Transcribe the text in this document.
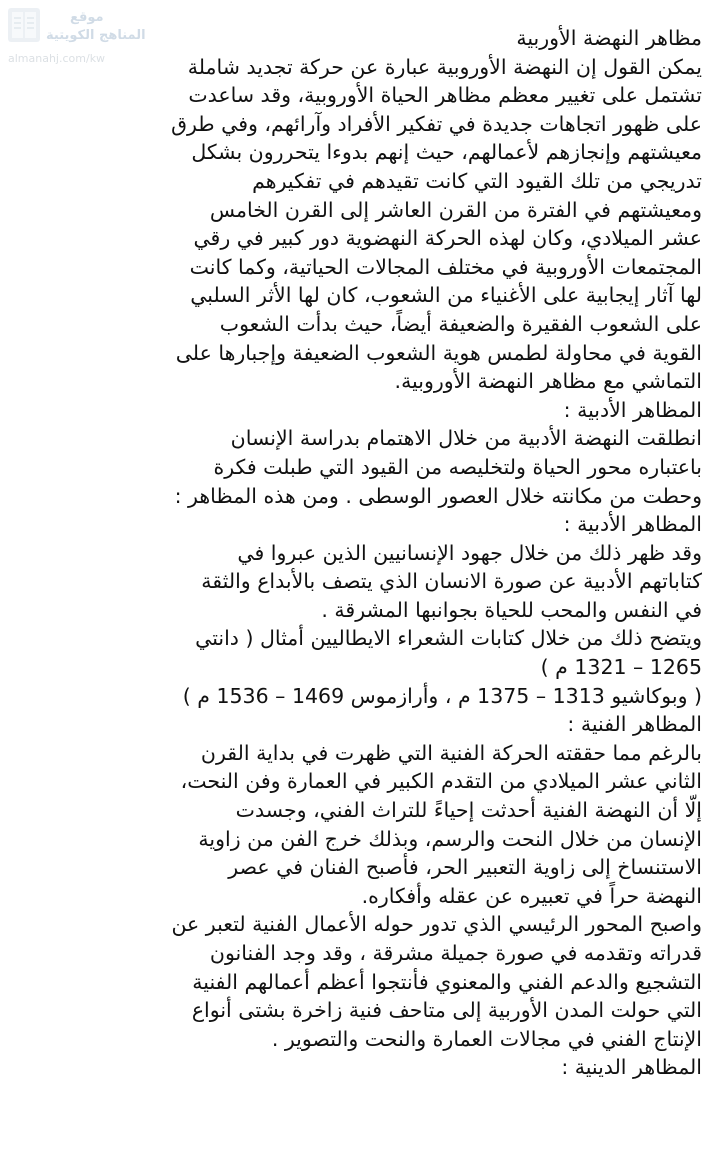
موقع
المناهج الكويتية
almanahj.com/kw
مظاهر النهضة الأوربية
يمكن القول إن النهضة الأوروبية عبارة عن حركة تجديد شاملة
تشتمل على تغيير معظم مظاهر الحياة الأوروبية، وقد ساعدت
على ظهور اتجاهات جديدة في تفكير الأفراد وآرائهم، وفي طرق
معيشتهم وإنجازهم لأعمالهم، حيث إنهم بدوءا يتحررون بشكل
تدريجي من تلك القيود التي كانت تقيدهم في تفكيرهم
ومعيشتهم في الفترة من القرن العاشر إلى القرن الخامس
عشر الميلادي، وكان لهذه الحركة النهضوية دور كبير في رقي
المجتمعات الأوروبية في مختلف المجالات الحياتية، وكما كانت
لها آثار إيجابية على الأغنياء من الشعوب، كان لها الأثر السلبي
على الشعوب الفقيرة والضعيفة أيضاً، حيث بدأت الشعوب
القوية في محاولة لطمس هوية الشعوب الضعيفة وإجبارها على
التماشي مع مظاهر النهضة الأوروبية.
المظاهر الأدبية :
انطلقت النهضة الأدبية من خلال الاهتمام بدراسة الإنسان
باعتباره محور الحياة ولتخليصه من القيود التي طبلت فكرة
وحطت من مكانته خلال العصور الوسطى . ومن هذه المظاهر :
المظاهر الأدبية :
وقد ظهر ذلك من خلال جهود الإنسانيين الذين عبروا في
كتاباتهم الأدبية عن صورة الانسان الذي يتصف بالأبداع والثقة
في النفس والمحب للحياة بجوانبها المشرقة .
ويتضح ذلك من خلال كتابات الشعراء الايطاليين أمثال ( دانتي
1265 – 1321 م )
( وبوكاشيو 1313 – 1375 م ، وأرازموس 1469 – 1536 م )
المظاهر الفنية :
بالرغم مما حققته الحركة الفنية التي ظهرت في بداية القرن
الثاني عشر الميلادي من التقدم الكبير في العمارة وفن النحت،
إلّا أن النهضة الفنية أحدثت إحياءً للتراث الفني، وجسدت
الإنسان من خلال النحت والرسم، وبذلك خرج الفن من زاوية
الاستنساخ إلى زاوية التعبير الحر، فأصبح الفنان في عصر
النهضة حراً في تعبيره عن عقله وأفكاره.
واصبح المحور الرئيسي الذي تدور حوله الأعمال الفنية لتعبر عن
قدراته وتقدمه في صورة جميلة مشرقة ، وقد وجد الفنانون
التشجيع والدعم الفني والمعنوي فأنتجوا أعظم أعمالهم الفنية
التي حولت المدن الأوربية إلى متاحف فنية زاخرة بشتى أنواع
الإنتاج الفني في مجالات العمارة والنحت والتصوير .
المظاهر الدينية :
